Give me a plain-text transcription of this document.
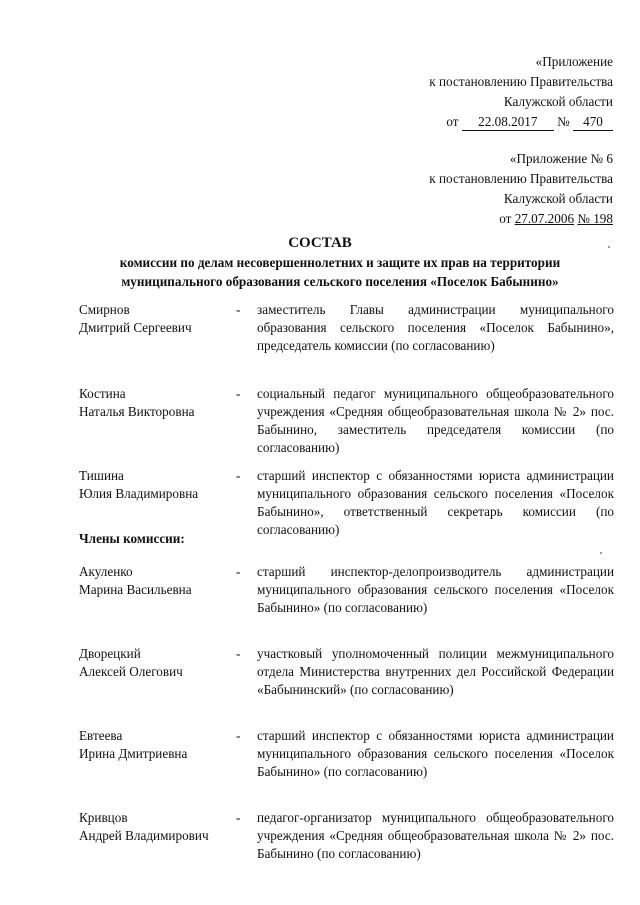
«Приложение
к постановлению Правительства
Калужской области
от 22.08.2017 № 470
«Приложение № 6
к постановлению Правительства
Калужской области
от 27.07.2006 № 198
СОСТАВ
комиссии по делам несовершеннолетних и защите их прав на территории
муниципального образования сельского поселения «Поселок Бабынино»
Смирнов
Дмитрий Сергеевич
-	заместитель Главы администрации муниципального образования сельского поселения «Поселок Бабынино», председатель комиссии (по согласованию)
Костина
Наталья Викторовна
-	социальный педагог муниципального общеобразовательного учреждения «Средняя общеобразовательная школа № 2» пос. Бабынино, заместитель председателя комиссии (по согласованию)
Тишина
Юлия Владимировна
-	старший инспектор с обязанностями юриста администрации муниципального образования сельского поселения «Поселок Бабынино», ответственный секретарь комиссии (по согласованию)
Члены комиссии:
Акуленко
Марина Васильевна
-	старший инспектор-делопроизводитель администрации муниципального образования сельского поселения «Поселок Бабынино» (по согласованию)
Дворецкий
Алексей Олегович
-	участковый уполномоченный полиции межмуниципального отдела Министерства внутренних дел Российской Федерации «Бабынинский» (по согласованию)
Евтеева
Ирина Дмитриевна
-	старший инспектор с обязанностями юриста администрации муниципального образования сельского поселения «Поселок Бабынино» (по согласованию)
Кривцов
Андрей Владимирович
-	педагог-организатор муниципального общеобразовательного учреждения «Средняя общеобразовательная школа № 2» пос. Бабынино (по согласованию)
